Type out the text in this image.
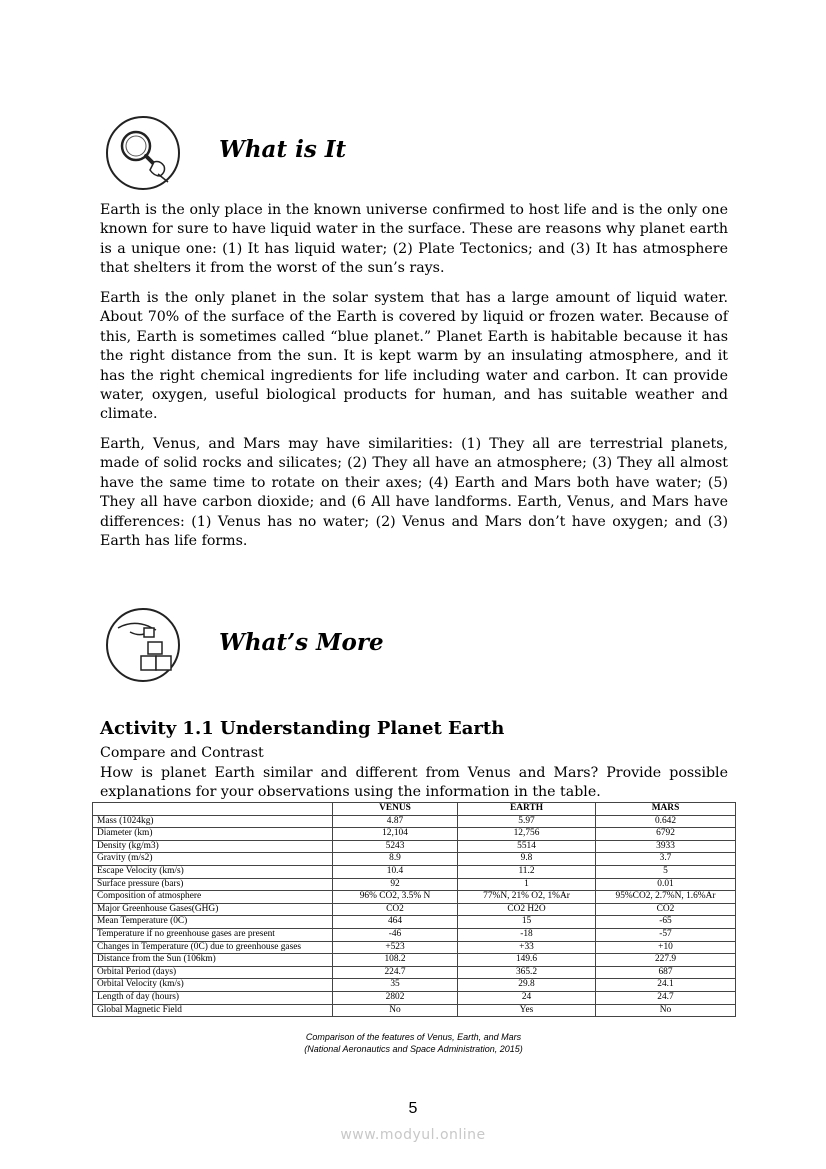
What is It

Earth is the only place in the known universe confirmed to host life and is the only one known for sure to have liquid water in the surface. These are reasons why planet earth is a unique one: (1) It has liquid water; (2) Plate Tectonics; and (3) It has atmosphere that shelters it from the worst of the sun’s rays.

Earth is the only planet in the solar system that has a large amount of liquid water. About 70% of the surface of the Earth is covered by liquid or frozen water. Because of this, Earth is sometimes called “blue planet.” Planet Earth is habitable because it has the right distance from the sun. It is kept warm by an insulating atmosphere, and it has the right chemical ingredients for life including water and carbon. It can provide water, oxygen, useful biological products for human, and has suitable weather and climate.

Earth, Venus, and Mars may have similarities: (1) They all are terrestrial planets, made of solid rocks and silicates; (2) They all have an atmosphere; (3) They all almost have the same time to rotate on their axes; (4) Earth and Mars both have water; (5) They all have carbon dioxide; and (6 All have landforms. Earth, Venus, and Mars have differences: (1) Venus has no water; (2) Venus and Mars don’t have oxygen; and (3) Earth has life forms.

What’s More
Activity 1.1 Understanding Planet Earth
Compare and Contrast

How is planet Earth similar and different from Venus and Mars? Provide possible explanations for your observations using the information in the table.

	VENUS	EARTH	MARS
Mass (1024kg)	4.87	5.97	0.642
Diameter (km)	12,104	12,756	6792
Density (kg/m3)	5243	5514	3933
Gravity (m/s2)	8.9	9.8	3.7
Escape Velocity (km/s)	10.4	11.2	5
Surface pressure (bars)	92	1	0.01
Composition of atmosphere	96% CO2, 3.5% N	77%N, 21% O2, 1%Ar	95%CO2, 2.7%N, 1.6%Ar
Major Greenhouse Gases(GHG)	CO2	CO2 H2O	CO2
Mean Temperature (0C)	464	15	-65
Temperature if no greenhouse gases are present	-46	-18	-57
Changes in Temperature (0C) due to greenhouse gases	+523	+33	+10
Distance from the Sun (106km)	108.2	149.6	227.9
Orbital Period (days)	224.7	365.2	687
Orbital Velocity (km/s)	35	29.8	24.1
Length of day (hours)	2802	24	24.7
Global Magnetic Field	No	Yes	No
Comparison of the features of Venus, Earth, and Mars
(National Aeronautics and Space Administration, 2015)
5
www.modyul.online
